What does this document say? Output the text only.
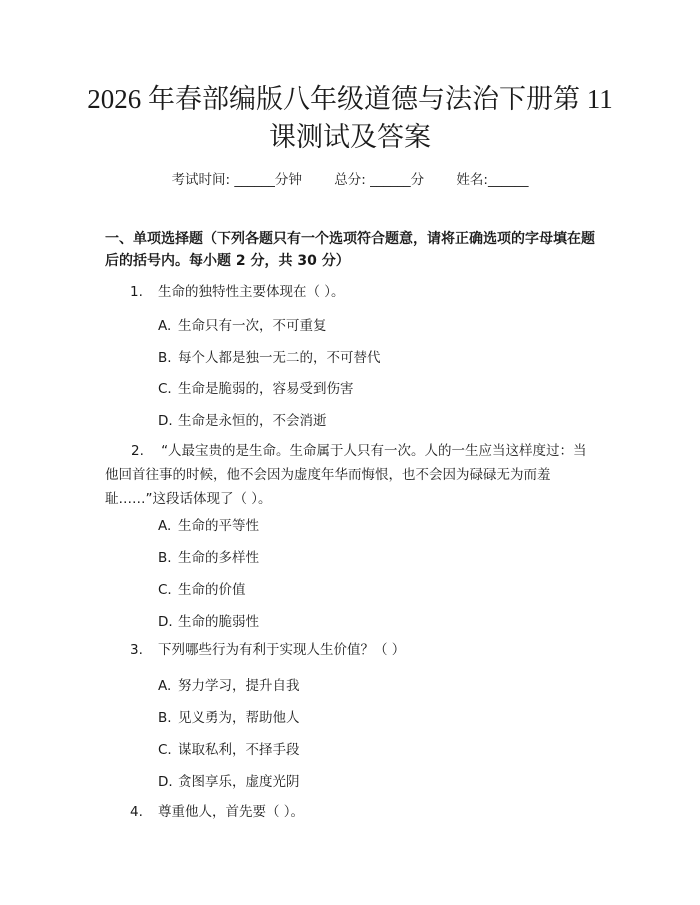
2026 年春部编版八年级道德与法治下册第 11
课测试及答案
考试时间: ______分钟 总分: ______分 姓名:______
一、单项选择题（下列各题只有一个选项符合题意，请将正确选项的字母填在题后的括号内。每小题 2 分，共 30 分）
1. 生命的独特性主要体现在（ ）。
A. 生命只有一次，不可重复
B. 每个人都是独一无二的，不可替代
C. 生命是脆弱的，容易受到伤害
D. 生命是永恒的，不会消逝
2. “人最宝贵的是生命。生命属于人只有一次。人的一生应当这样度过：当他回首往事的时候，他不会因为虚度年华而悔恨，也不会因为碌碌无为而羞耻……”这段话体现了（ ）。
A. 生命的平等性
B. 生命的多样性
C. 生命的价值
D. 生命的脆弱性
3. 下列哪些行为有利于实现人生价值？（ ）
A. 努力学习，提升自我
B. 见义勇为，帮助他人
C. 谋取私利，不择手段
D. 贪图享乐，虚度光阴
4. 尊重他人，首先要（ ）。
